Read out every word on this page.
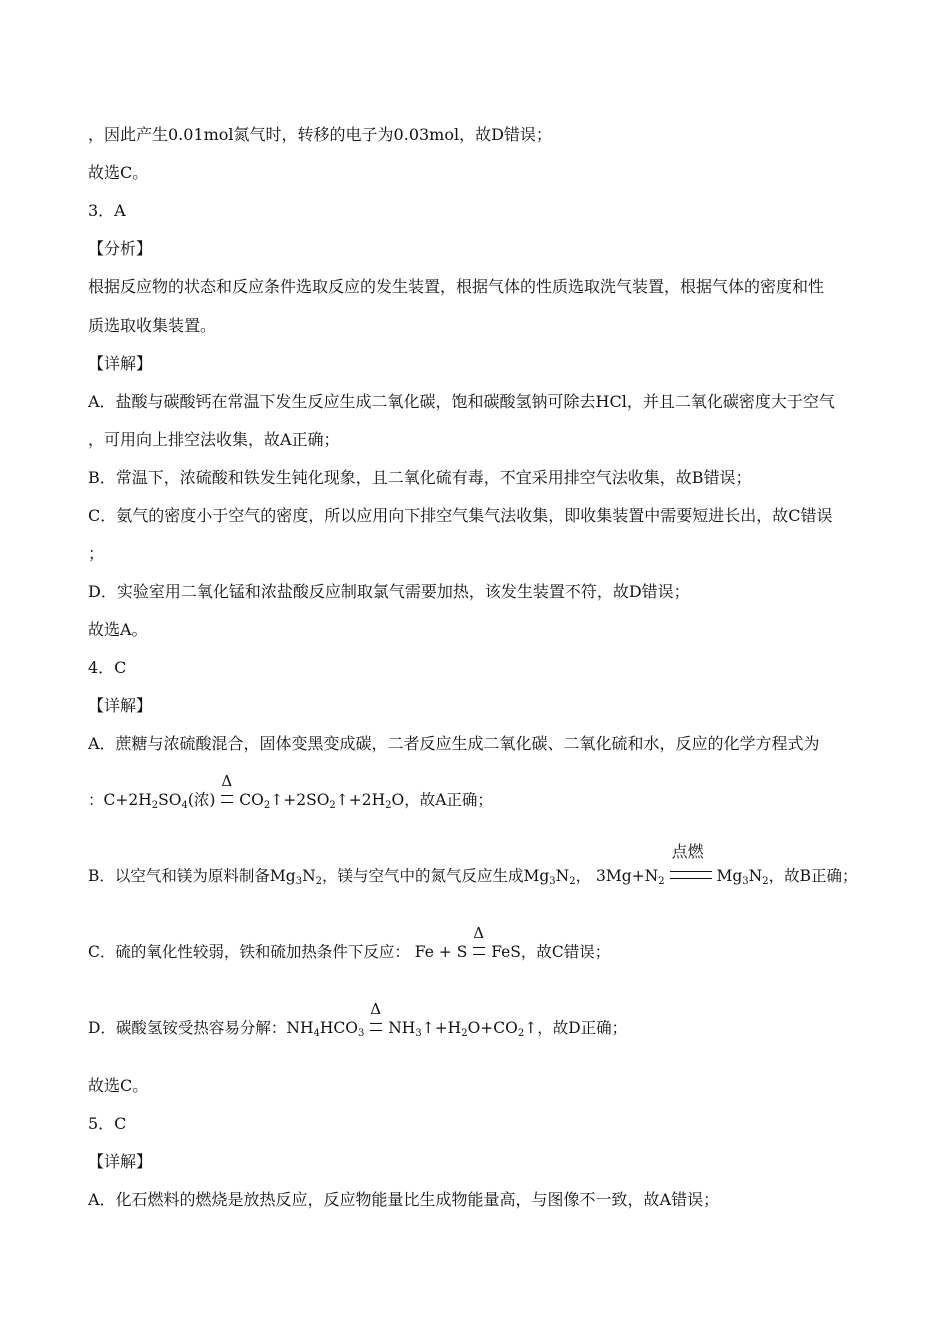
，因此产生0.01mol氮气时，转移的电子为0.03mol，故D错误；
故选C。
3．A
【分析】
根据反应物的状态和反应条件选取反应的发生装置，根据气体的性质选取洗气装置，根据气体的密度和性
质选取收集装置。
【详解】
A．盐酸与碳酸钙在常温下发生反应生成二氧化碳，饱和碳酸氢钠可除去HCl，并且二氧化碳密度大于空气
，可用向上排空法收集，故A正确；
B．常温下，浓硫酸和铁发生钝化现象，且二氧化硫有毒，不宜采用排空气法收集，故B错误；
C．氨气的密度小于空气的密度，所以应用向下排空气集气法收集，即收集装置中需要短进长出，故C错误
；
D．实验室用二氧化锰和浓盐酸反应制取氯气需要加热，该发生装置不符，故D错误；
故选A。
4．C
【详解】
A．蔗糖与浓硫酸混合，固体变黑变成碳，二者反应生成二氧化碳、二氧化硫和水，反应的化学方程式为
：$C+2H_2SO_4$(浓)
Δ
$CO_2↑+2SO_2↑+2H_2O$，故A正确；
B．以空气和镁为原料制备$Mg_3N_2$，镁与空气中的氮气反应生成$Mg_3N_2$， $3Mg+N_2$
点燃
$Mg_3N_2$，故B正确；
C．硫的氧化性较弱，铁和硫加热条件下反应： Fe + S
Δ
FeS，故C错误；
D．碳酸氢铵受热容易分解：$NH_4HCO_3$
Δ
$NH_3↑+H_2O+CO_2↑$，故D正确；
故选C。
5．C
【详解】
A．化石燃料的燃烧是放热反应，反应物能量比生成物能量高，与图像不一致，故A错误；
